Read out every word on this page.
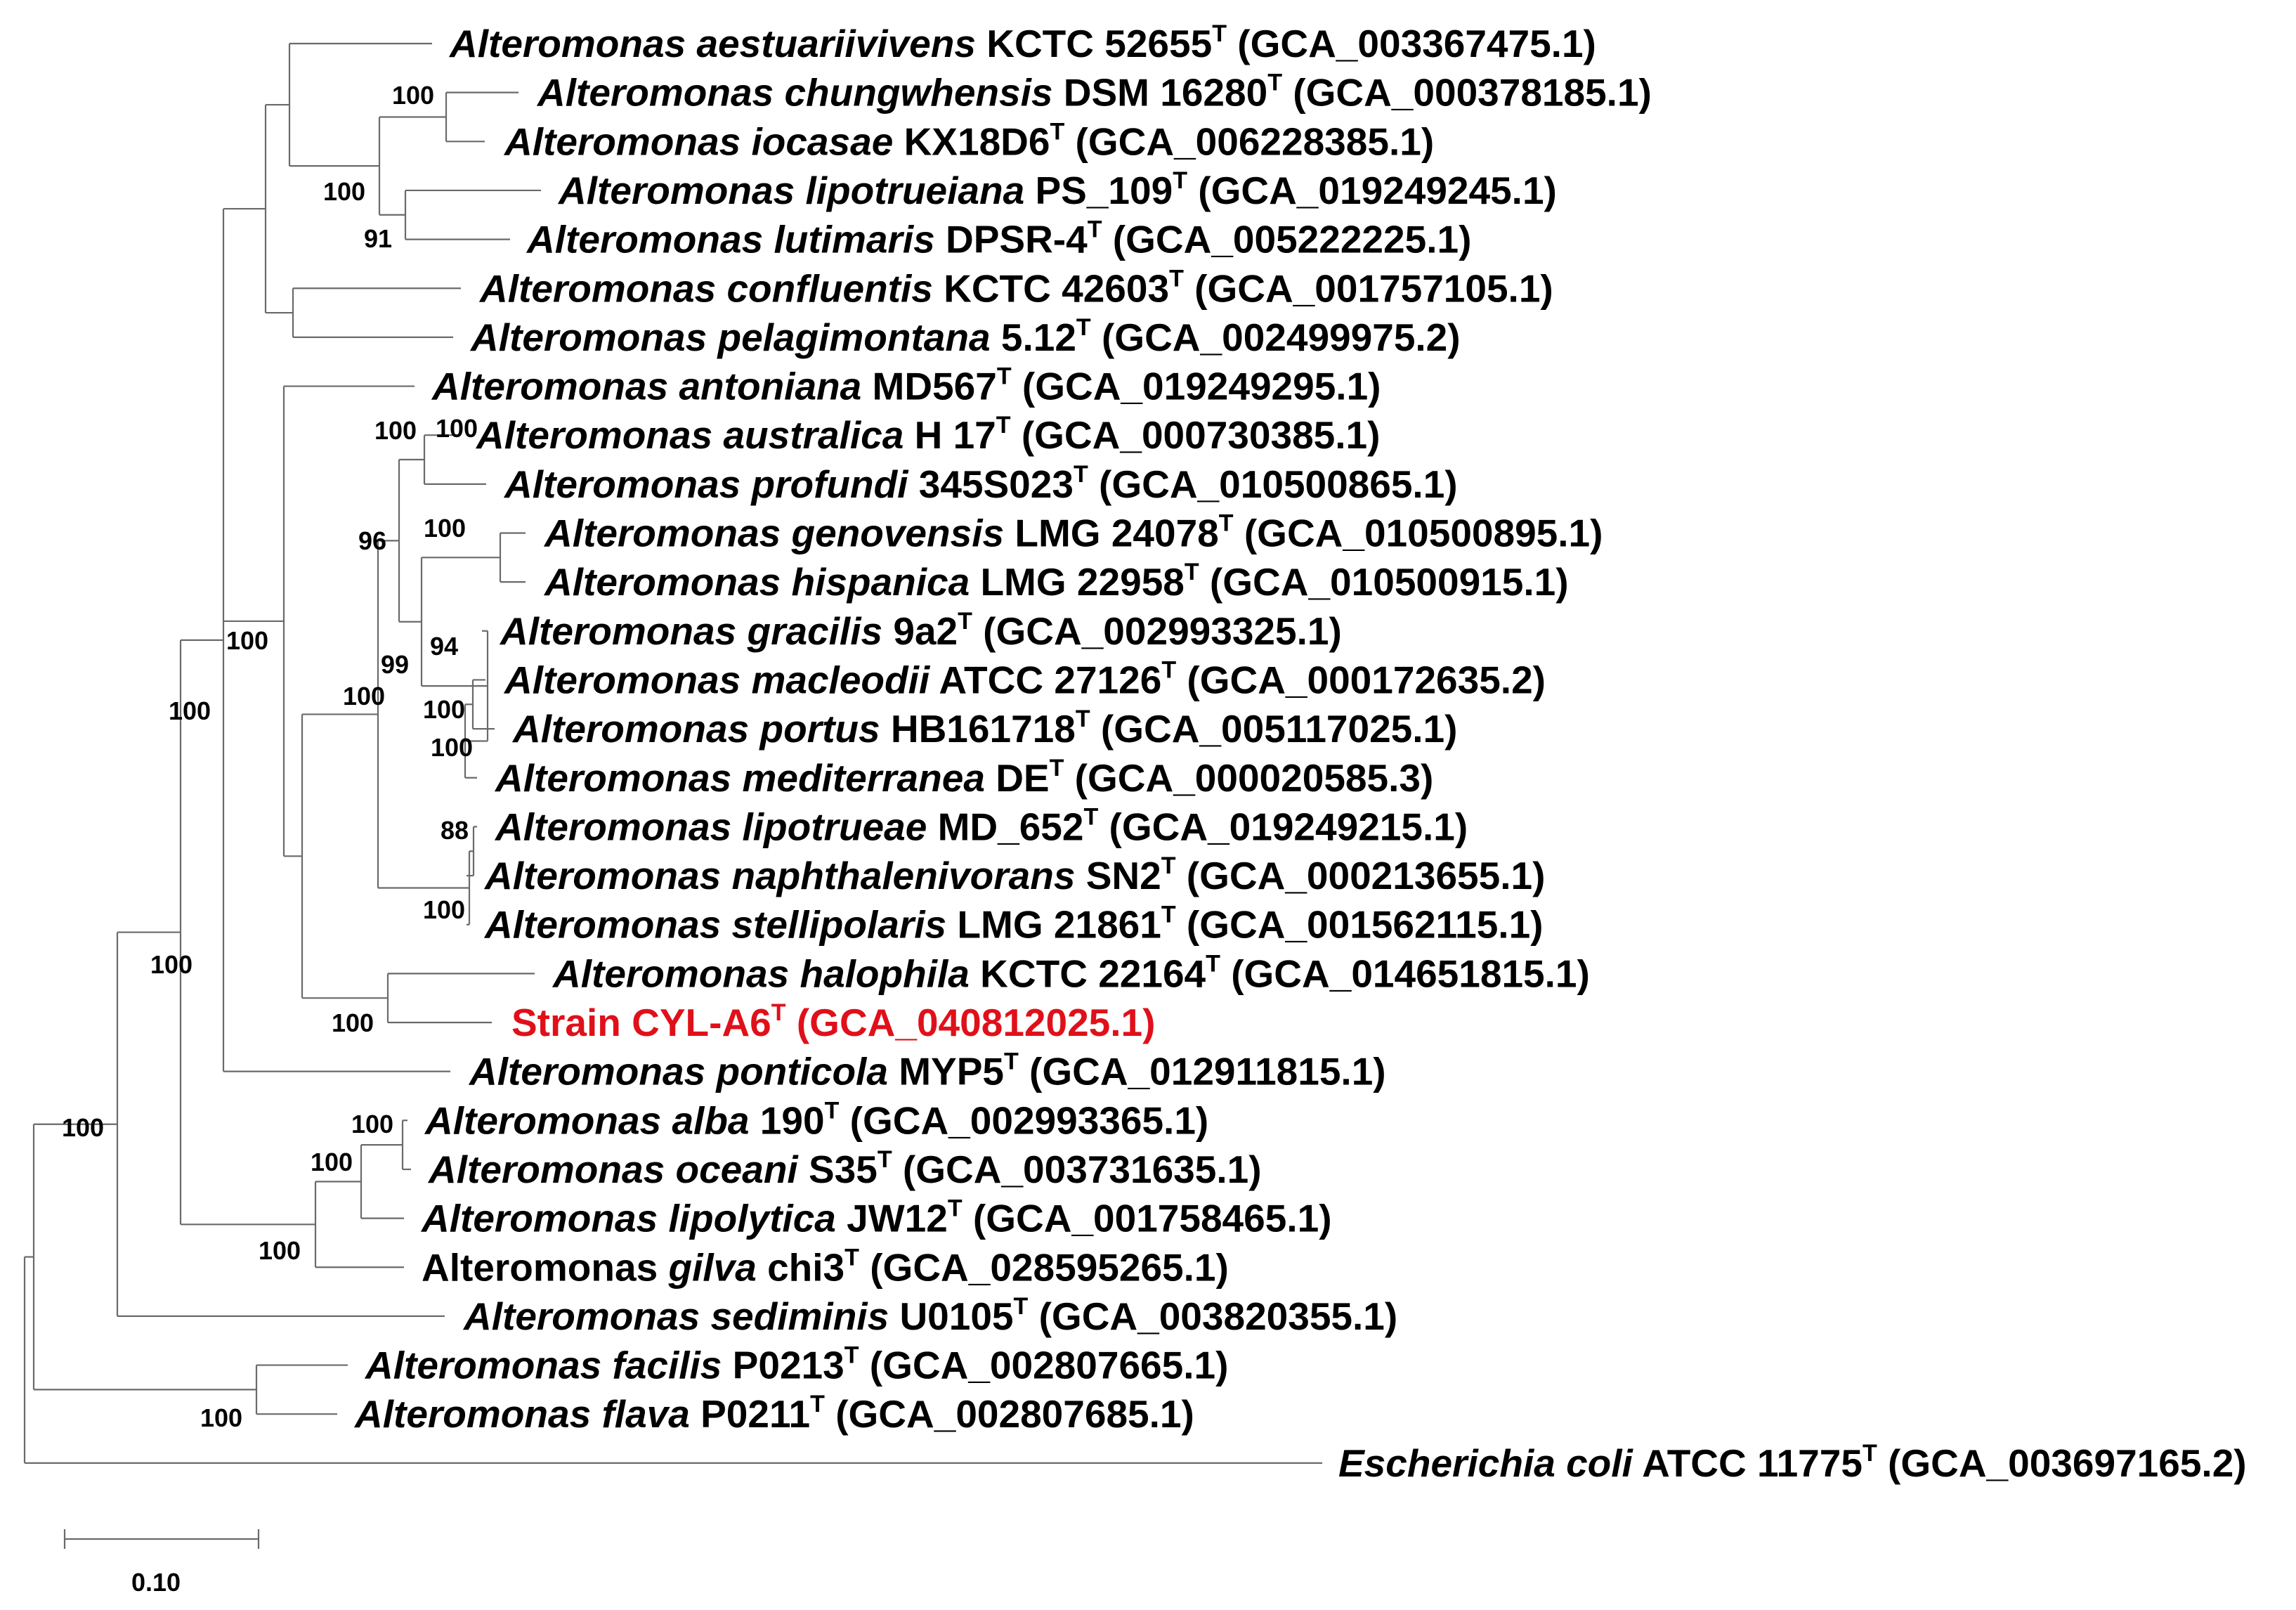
Alteromonas aestuariivivens KCTC $52655^T$ (GCA_003367475.1)
Alteromonas chungwhensis DSM $16280^T$ (GCA_000378185.1)
Alteromonas iocasae $KX18D6^T$ (GCA_006228385.1)
Alteromonas lipotrueiana $PS\_109^T$ (GCA_019249245.1)
Alteromonas lutimaris DPSR-$4^T$ (GCA_005222225.1)
Alteromonas confluentis KCTC $42603^T$ (GCA_001757105.1)
Alteromonas pelagimontana $5.12^T$ (GCA_002499975.2)
Alteromonas antoniana $MD567^T$ (GCA_019249295.1)
Alteromonas australica H $17^T$ (GCA_000730385.1)
Alteromonas profundi $345S023^T$ (GCA_010500865.1)
Alteromonas genovensis LMG $24078^T$ (GCA_010500895.1)
Alteromonas hispanica LMG $22958^T$ (GCA_010500915.1)
Alteromonas gracilis $9a2^T$ (GCA_002993325.1)
Alteromonas macleodii ATCC $27126^T$ (GCA_000172635.2)
Alteromonas portus $HB161718^T$ (GCA_005117025.1)
Alteromonas mediterranea $DE^T$ (GCA_000020585.3)
Alteromonas lipotrueae $MD\_652^T$ (GCA_019249215.1)
Alteromonas naphthalenivorans $SN2^T$ (GCA_000213655.1)
Alteromonas stellipolaris LMG $21861^T$ (GCA_001562115.1)
Alteromonas halophila KCTC $22164^T$ (GCA_014651815.1)
Strain CYL-$A6^T$ (GCA_040812025.1)
Alteromonas ponticola $MYP5^T$ (GCA_012911815.1)
Alteromonas alba $190^T$ (GCA_002993365.1)
Alteromonas oceani $S35^T$ (GCA_003731635.1)
Alteromonas lipolytica $JW12^T$ (GCA_001758465.1)
Alteromonas gilva $chi3^T$ (GCA_028595265.1)
Alteromonas sediminis $U0105^T$ (GCA_003820355.1)
Alteromonas facilis $P0213^T$ (GCA_002807665.1)
Alteromonas flava $P0211^T$ (GCA_002807685.1)
Escherichia coli ATCC $11775^T$ (GCA_003697165.2)
100
100
91
100
96
100
100
94
99
100
100
100
100
88
100
100
100
100
100
100
100
100
100
0.10
